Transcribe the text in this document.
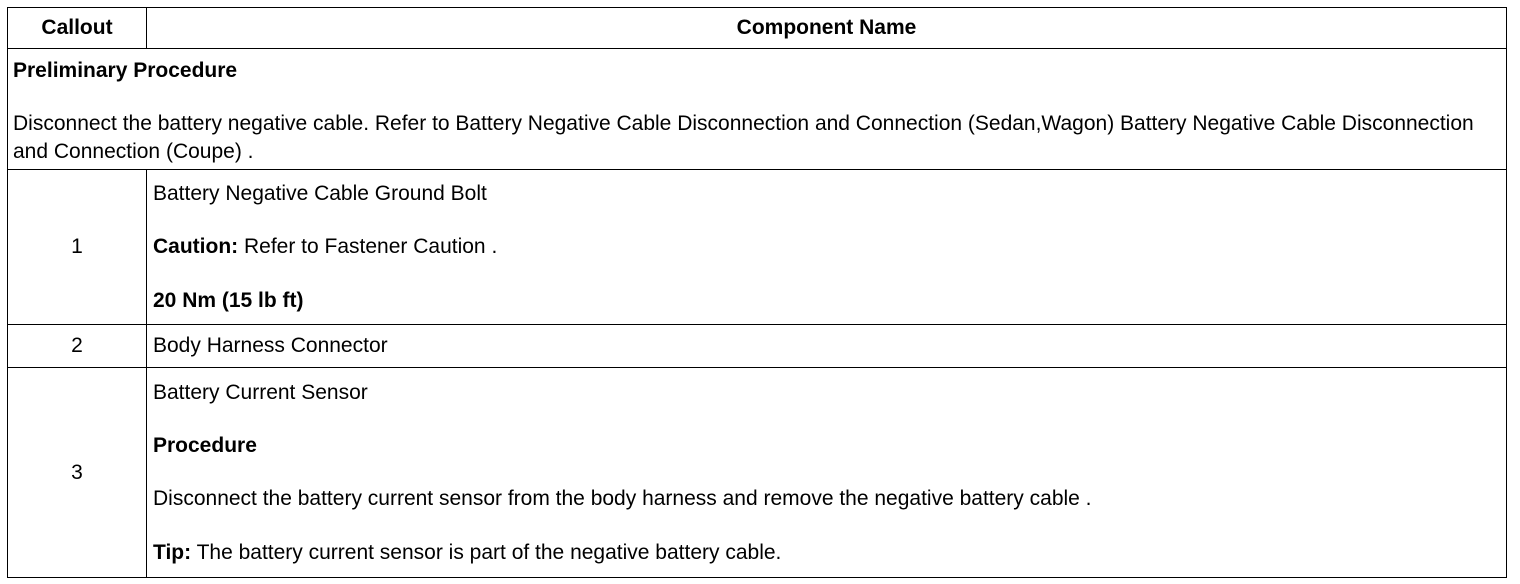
Callout	Component Name

Preliminary Procedure

Disconnect the battery negative cable. Refer to Battery Negative Cable Disconnection and Connection (Sedan,Wagon) Battery Negative Cable Disconnection and Connection (Coupe) .	

1	Battery Negative Cable Ground Bolt

Caution: Refer to Fastener Caution .

20 Nm (15 lb ft)

2	Body Harness Connector
3	Battery Current Sensor

Procedure

Disconnect the battery current sensor from the body harness and remove the negative battery cable .

Tip: The battery current sensor is part of the negative battery cable.
